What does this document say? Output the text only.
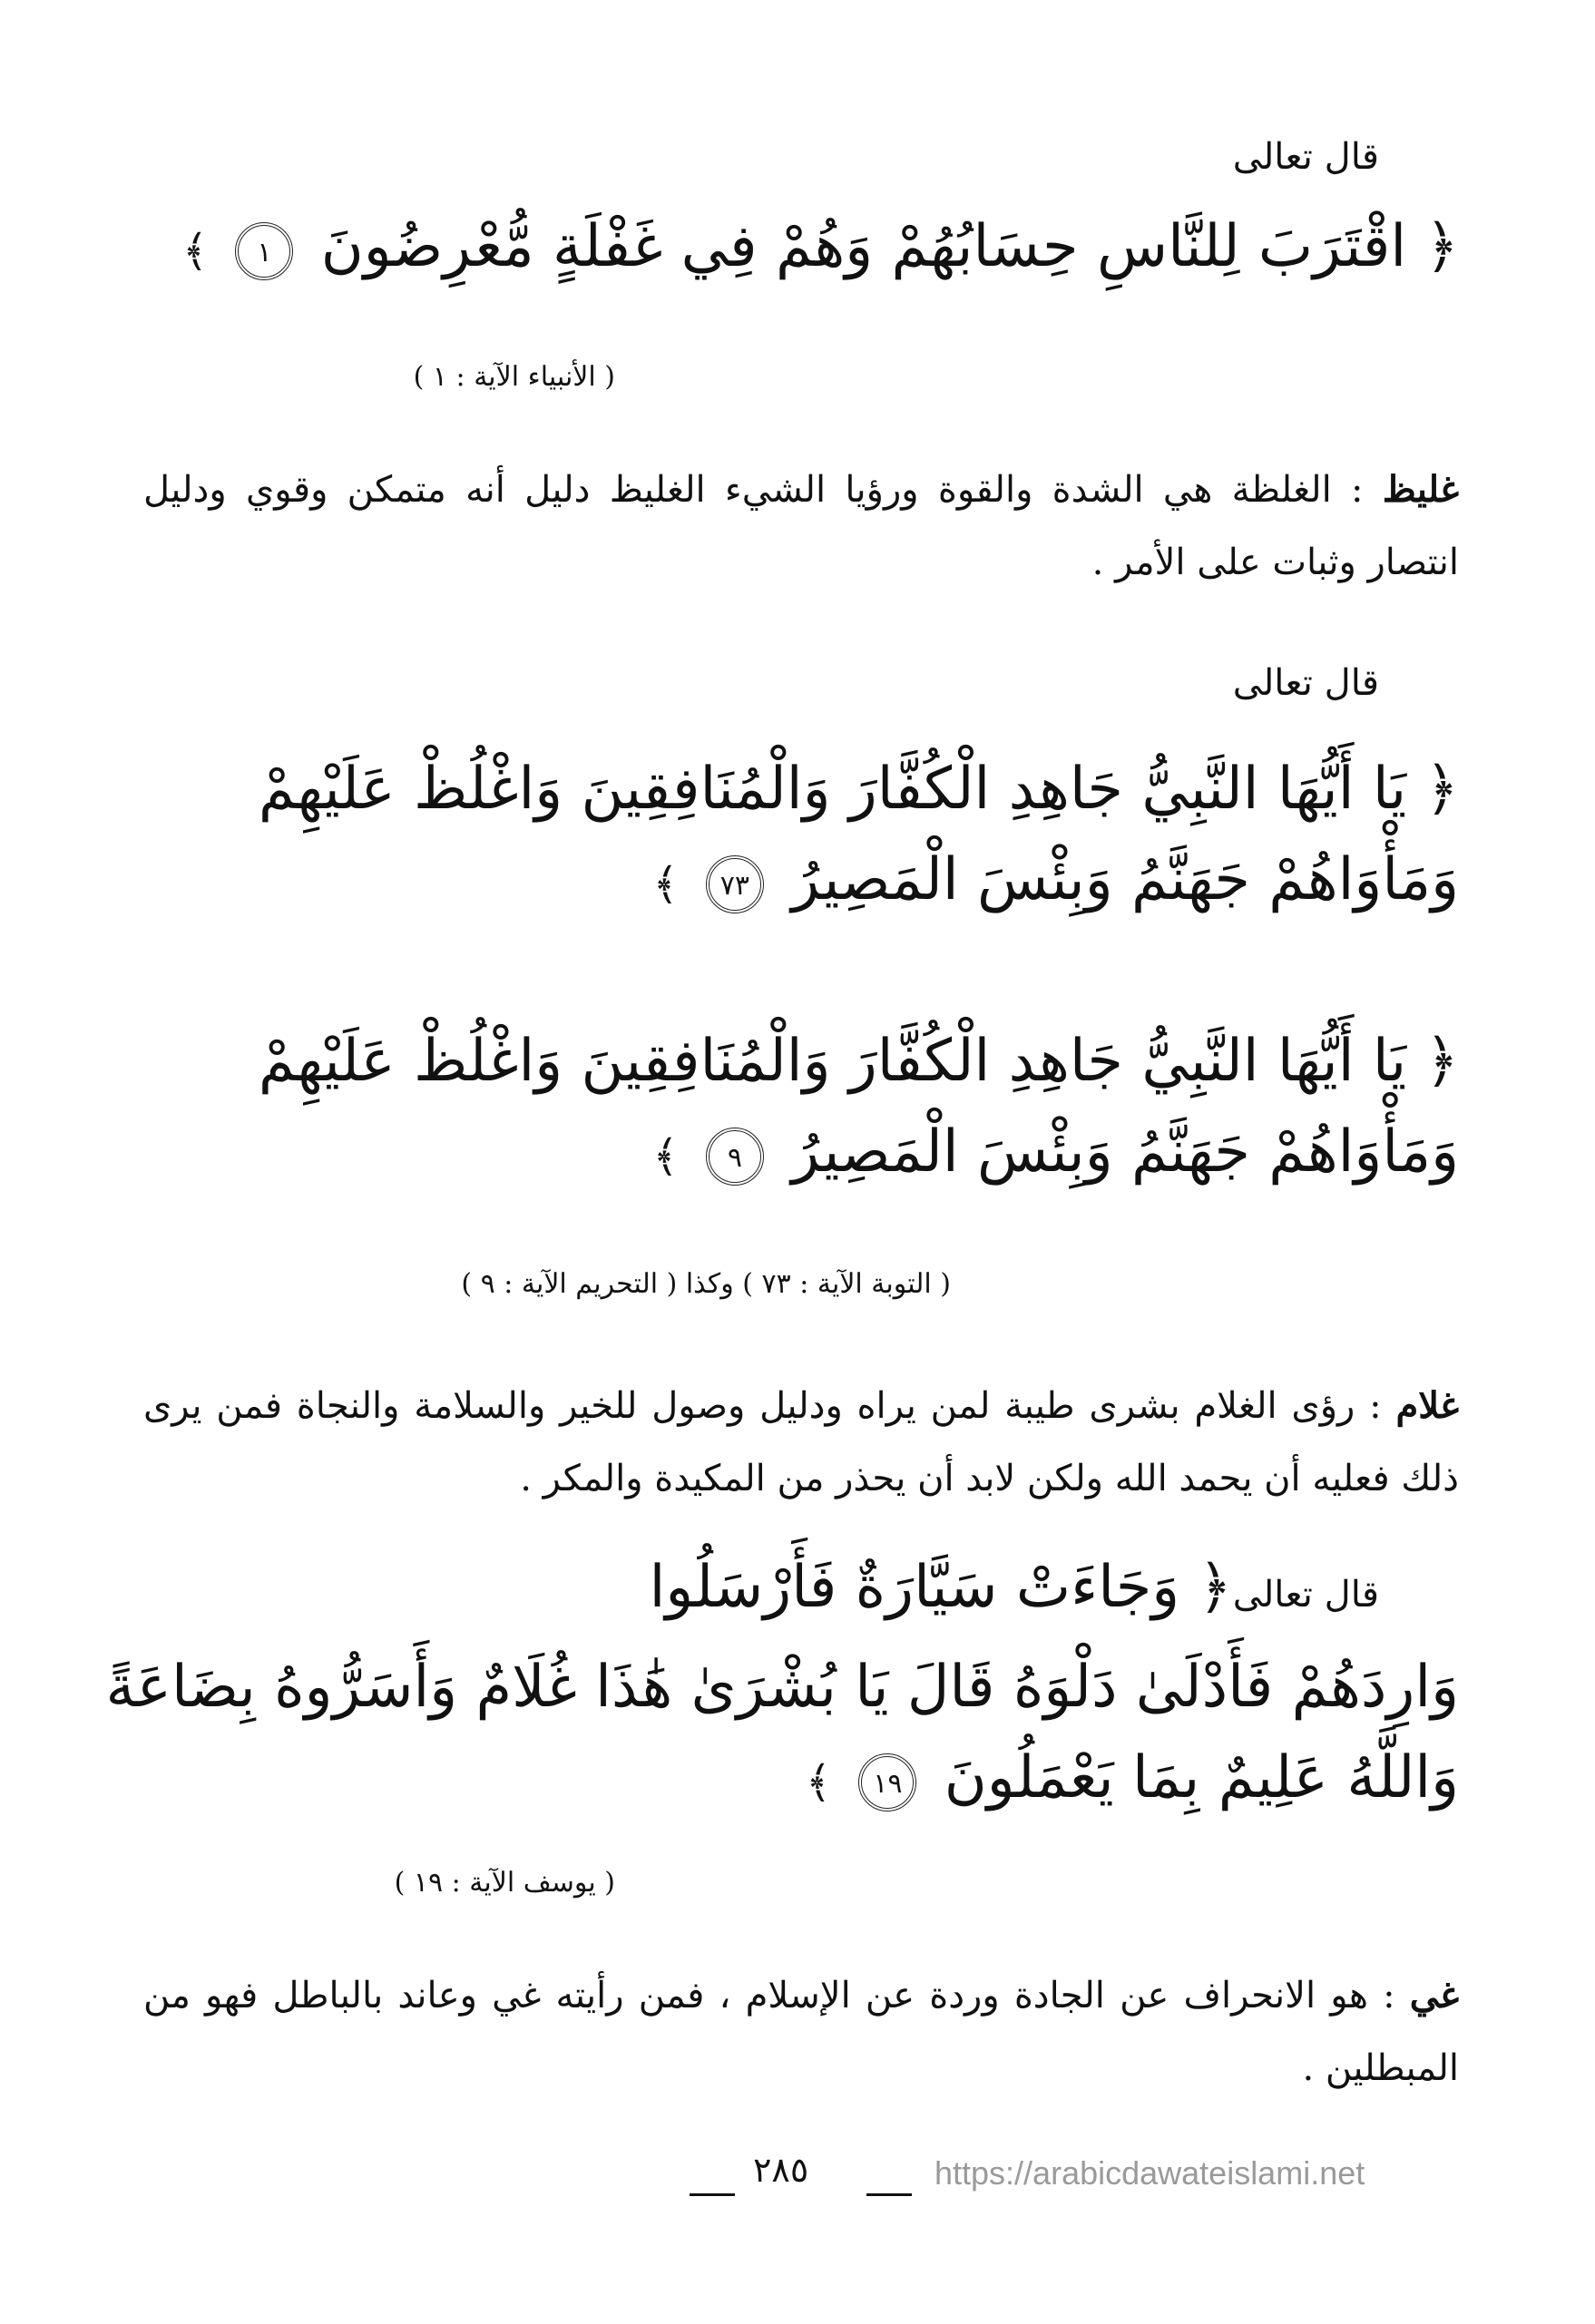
قال تعالى
﴿ اقْتَرَبَ لِلنَّاسِ حِسَابُهُمْ وَهُمْ فِي غَفْلَةٍ مُّعْرِضُونَ ١ ﴾
( الأنبياء الآية : ١ )
غليظ : الغلظة هي الشدة والقوة ورؤيا الشيء الغليظ دليل أنه متمكن وقوي ودليل انتصار وثبات على الأمر .
قال تعالى
﴿ يَا أَيُّهَا النَّبِيُّ جَاهِدِ الْكُفَّارَ وَالْمُنَافِقِينَ وَاغْلُظْ عَلَيْهِمْ
وَمَأْوَاهُمْ جَهَنَّمُ وَبِئْسَ الْمَصِيرُ ٧٣ ﴾
﴿ يَا أَيُّهَا النَّبِيُّ جَاهِدِ الْكُفَّارَ وَالْمُنَافِقِينَ وَاغْلُظْ عَلَيْهِمْ
وَمَأْوَاهُمْ جَهَنَّمُ وَبِئْسَ الْمَصِيرُ ٩ ﴾
( التوبة الآية : ٧٣ ) وكذا ( التحريم الآية : ٩ )
غلام : رؤى الغلام بشرى طيبة لمن يراه ودليل وصول للخير والسلامة والنجاة فمن يرى ذلك فعليه أن يحمد الله ولكن لابد أن يحذر من المكيدة والمكر .
قال تعالى
﴿ وَجَاءَتْ سَيَّارَةٌ فَأَرْسَلُوا
وَارِدَهُمْ فَأَدْلَىٰ دَلْوَهُ قَالَ يَا بُشْرَىٰ هَٰذَا غُلَامٌ وَأَسَرُّوهُ بِضَاعَةً
وَاللَّهُ عَلِيمٌ بِمَا يَعْمَلُونَ ١٩ ﴾
( يوسف الآية : ١٩ )
غي : هو الانحراف عن الجادة وردة عن الإسلام ، فمن رأيته غي وعاند بالباطل فهو من المبطلين .
٢٨٥	https://arabicdawateislami.net
